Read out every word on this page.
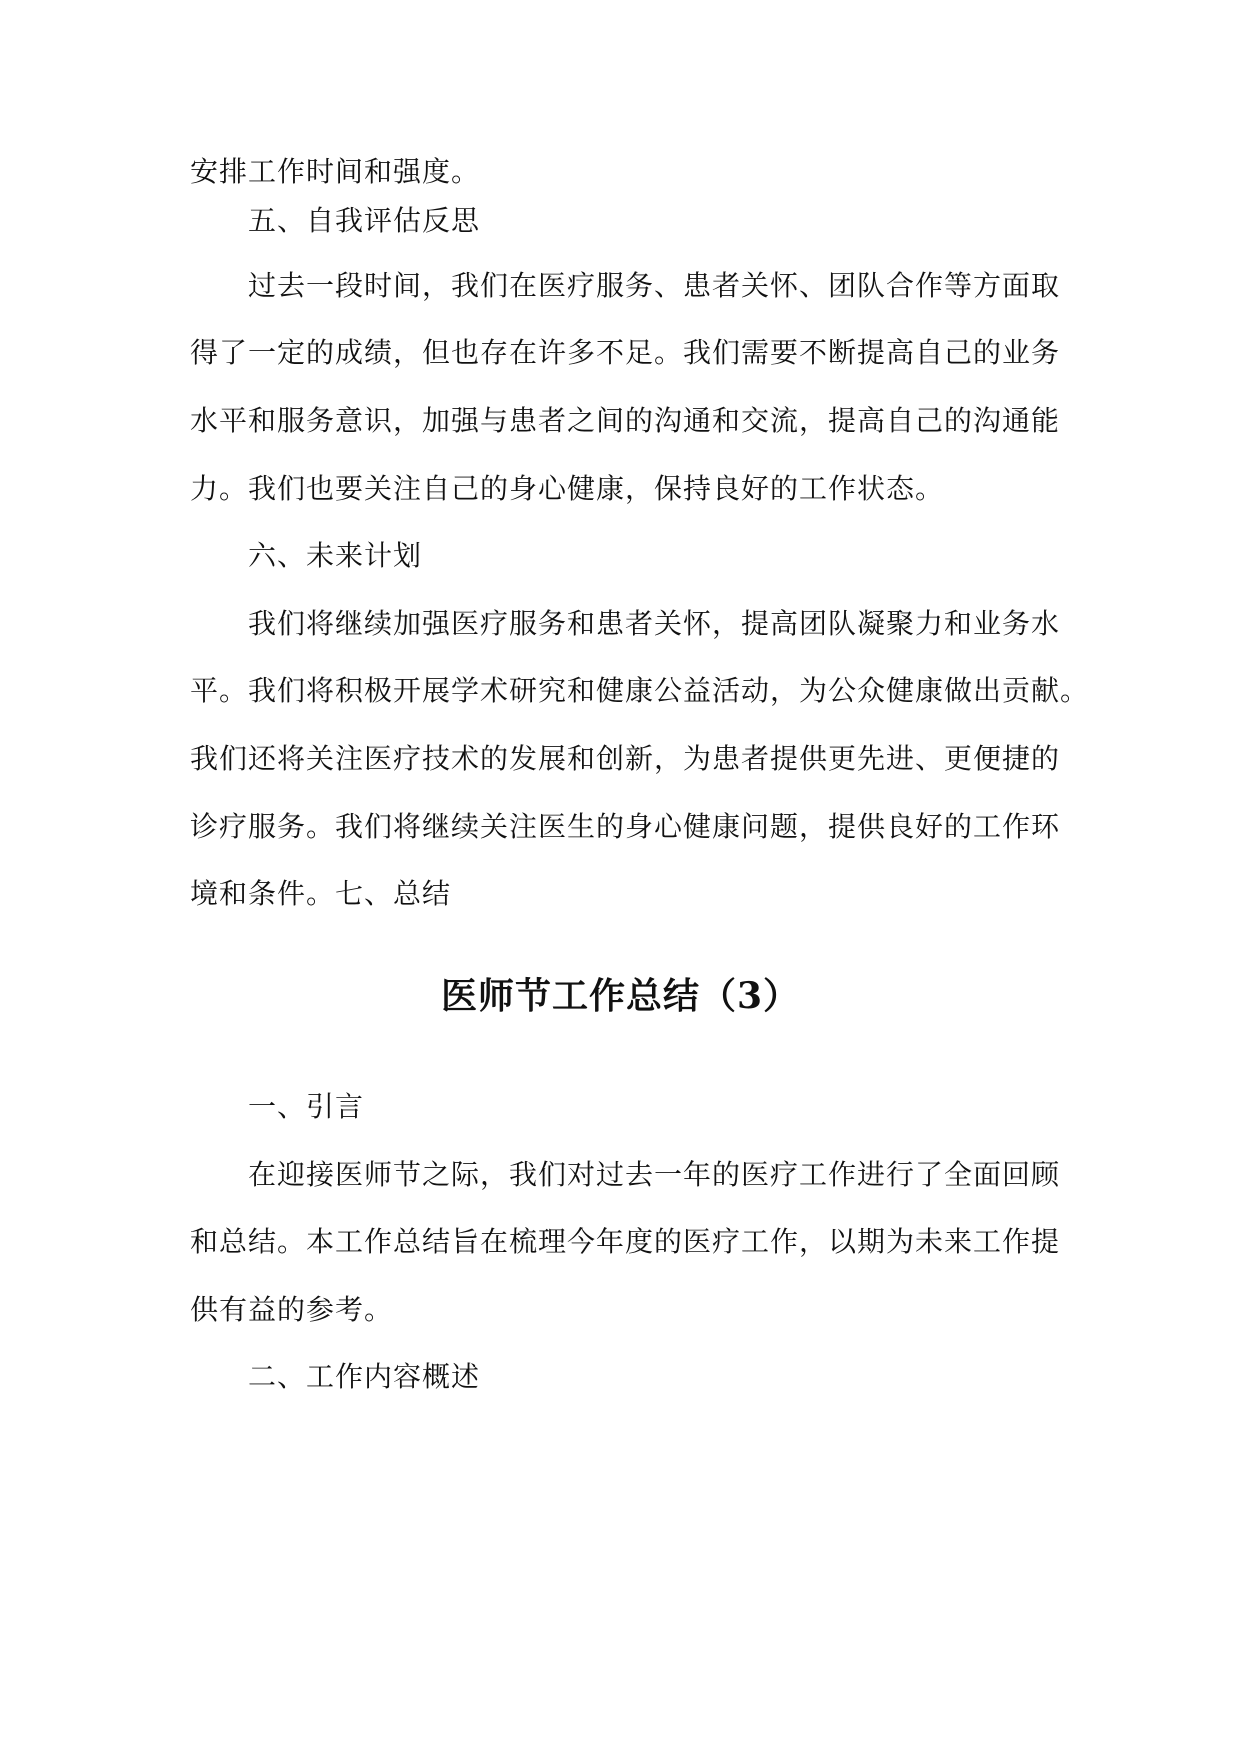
安排工作时间和强度。
五、自我评估反思
过去一段时间，我们在医疗服务、患者关怀、团队合作等方面取
得了一定的成绩，但也存在许多不足。我们需要不断提高自己的业务
水平和服务意识，加强与患者之间的沟通和交流，提高自己的沟通能
力。我们也要关注自己的身心健康，保持良好的工作状态。
六、未来计划
我们将继续加强医疗服务和患者关怀，提高团队凝聚力和业务水
平。我们将积极开展学术研究和健康公益活动，为公众健康做出贡献。
我们还将关注医疗技术的发展和创新，为患者提供更先进、更便捷的
诊疗服务。我们将继续关注医生的身心健康问题，提供良好的工作环
境和条件。七、总结
医师节工作总结（3）
一、引言
在迎接医师节之际，我们对过去一年的医疗工作进行了全面回顾
和总结。本工作总结旨在梳理今年度的医疗工作，以期为未来工作提
供有益的参考。
二、工作内容概述
